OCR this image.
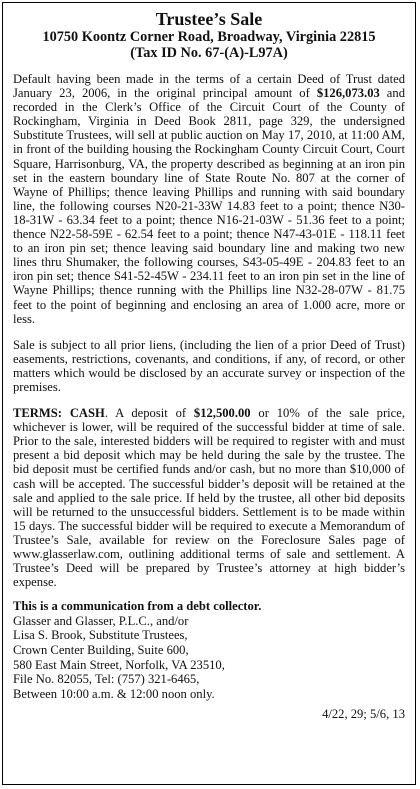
Trustee’s Sale
10750 Koontz Corner Road, Broadway, Virginia 22815
(Tax ID No. 67-(A)-L97A)

Default having been made in the terms of a certain Deed of Trust dated January 23, 2006, in the original principal amount of $126,073.03 and recorded in the Clerk’s Office of the Circuit Court of the County of Rockingham, Virginia in Deed Book 2811, page 329, the undersigned Substitute Trustees, will sell at public auction on May 17, 2010, at 11:00 AM, in front of the building housing the Rockingham County Circuit Court, Court Square, Harrisonburg, VA, the property described as beginning at an iron pin set in the eastern boundary line of State Route No. 807 at the corner of Wayne of Phillips; thence leaving Phillips and running with said boundary line, the following courses N20-21-33W 14.83 feet to a point; thence N30-18-31W - 63.34 feet to a point; thence N16-21-03W - 51.36 feet to a point; thence N22-58-59E - 62.54 feet to a point; thence N47-43-01E - 118.11 feet to an iron pin set; thence leaving said boundary line and making two new lines thru Shumaker, the following courses, S43-05-49E - 204.83 feet to an iron pin set; thence S41-52-45W - 234.11 feet to an iron pin set in the line of Wayne Phillips; thence running with the Phillips line N32-28-07W - 81.75 feet to the point of beginning and enclosing an area of 1.000 acre, more or less.

Sale is subject to all prior liens, (including the lien of a prior Deed of Trust) easements, restrictions, covenants, and conditions, if any, of record, or other matters which would be disclosed by an accurate survey or inspection of the premises.

TERMS: CASH. A deposit of $12,500.00 or 10% of the sale price, whichever is lower, will be required of the successful bidder at time of sale. Prior to the sale, interested bidders will be required to register with and must present a bid deposit which may be held during the sale by the trustee. The bid deposit must be certified funds and/or cash, but no more than $10,000 of cash will be accepted. The successful bidder’s deposit will be retained at the sale and applied to the sale price. If held by the trustee, all other bid deposits will be returned to the unsuccessful bidders. Settlement is to be made within 15 days. The successful bidder will be required to execute a Memorandum of Trustee’s Sale, available for review on the Foreclosure Sales page of www.glasserlaw.com, outlining additional terms of sale and settlement. A Trustee’s Deed will be prepared by Trustee’s attorney at high bidder’s expense.

This is a communication from a debt collector.
Glasser and Glasser, P.L.C., and/or
Lisa S. Brook, Substitute Trustees,
Crown Center Building, Suite 600,
580 East Main Street, Norfolk, VA 23510,
File No. 82055, Tel: (757) 321-6465,
Between 10:00 a.m. & 12:00 noon only.
4/22, 29; 5/6, 13
